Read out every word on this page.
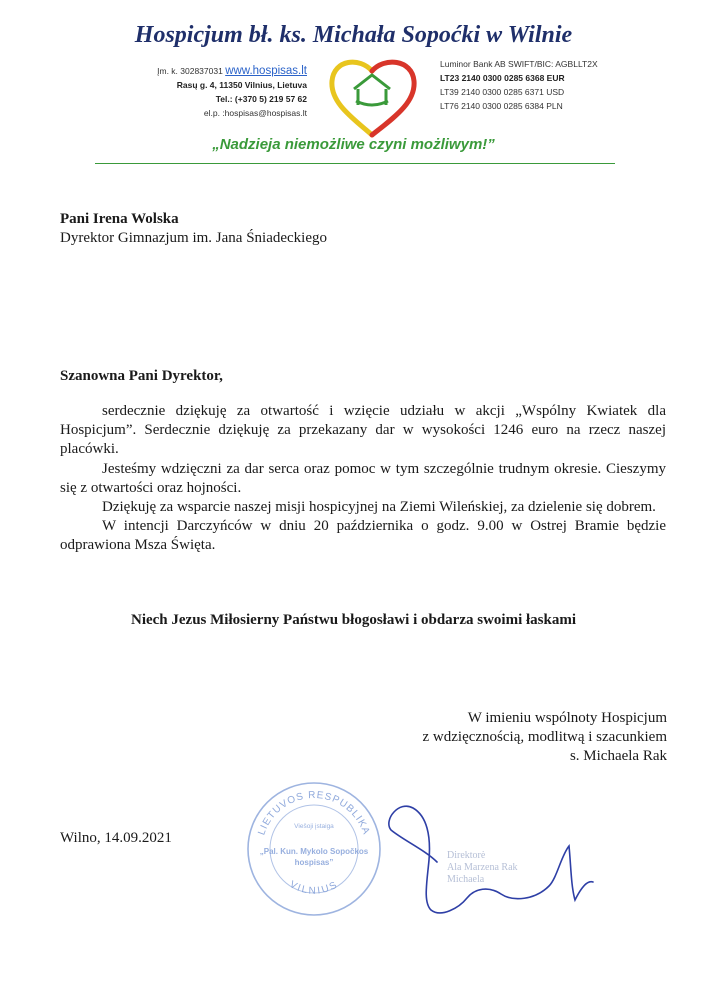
Hospicjum bł. ks. Michała Sopoćki w Wilnie
Įm. k. 302837031 www.hospisas.lt
Rasų g. 4, 11350 Vilnius, Lietuva
Tel.: (+370 5) 219 57 62
el.p. :hospisas@hospisas.lt
Luminor Bank AB SWIFT/BIC: AGBLLT2X
LT23 2140 0300 0285 6368 EUR
LT39 2140 0300 0285 6371 USD
LT76 2140 0300 0285 6384 PLN
„Nadzieja niemożliwe czyni możliwym!”
Pani Irena Wolska
Dyrektor Gimnazjum im. Jana Śniadeckiego
Szanowna Pani Dyrektor,

serdecznie dziękuję za otwartość i wzięcie udziału w akcji „Wspólny Kwiatek dla Hospicjum”. Serdecznie dziękuję za przekazany dar w wysokości 1246 euro na rzecz naszej placówki.

Jesteśmy wdzięczni za dar serca oraz pomoc w tym szczególnie trudnym okresie. Cieszymy się z otwartości oraz hojności.

Dziękuję za wsparcie naszej misji hospicyjnej na Ziemi Wileńskiej, za dzielenie się dobrem.

W intencji Darczyńców w dniu 20 października o godz. 9.00 w Ostrej Bramie będzie odprawiona Msza Święta.

Niech Jezus Miłosierny Państwu błogosławi i obdarza swoimi łaskami
W imieniu wspólnoty Hospicjum
z wdzięcznością, modlitwą i szacunkiem
s. Michaela Rak
Wilno, 14.09.2021	LIETUVOS RESPUBLIKA
Viešoji įstaiga
„Pal. Kun. Mykolo Sopočkos
hospisas”
VILNIUS
Direktorė
Ala Marzena Rak
Michaela
